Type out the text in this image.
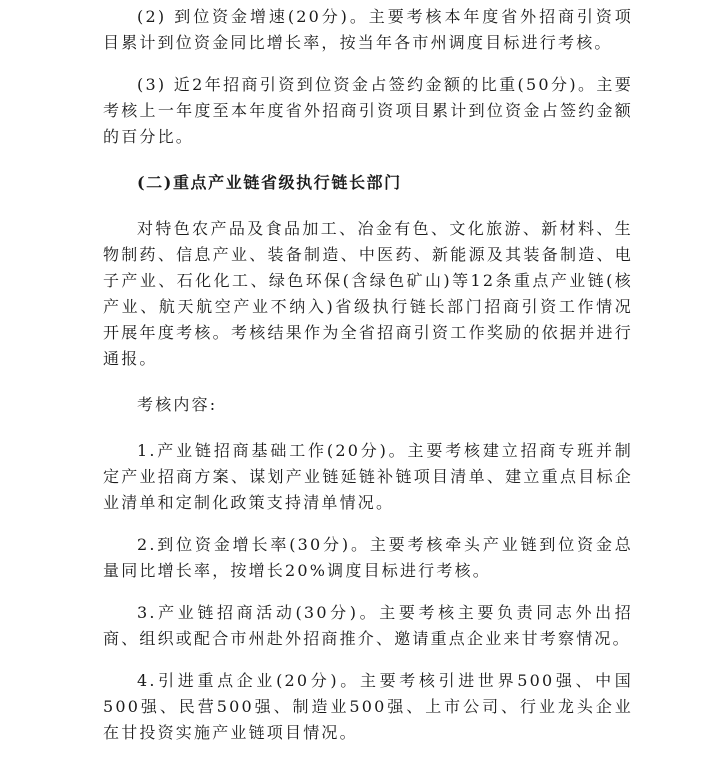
(2) 到位资金增速(20分)。主要考核本年度省外招商引资项目累计到位资金同比增长率，按当年各市州调度目标进行考核。

(3) 近2年招商引资到位资金占签约金额的比重(50分)。主要考核上一年度至本年度省外招商引资项目累计到位资金占签约金额的百分比。

(二)重点产业链省级执行链长部门

对特色农产品及食品加工、冶金有色、文化旅游、新材料、生物制药、信息产业、装备制造、中医药、新能源及其装备制造、电子产业、石化化工、绿色环保(含绿色矿山)等12条重点产业链(核产业、航天航空产业不纳入)省级执行链长部门招商引资工作情况开展年度考核。考核结果作为全省招商引资工作奖励的依据并进行通报。

考核内容:

1.产业链招商基础工作(20分)。主要考核建立招商专班并制定产业招商方案、谋划产业链延链补链项目清单、建立重点目标企业清单和定制化政策支持清单情况。

2.到位资金增长率(30分)。主要考核牵头产业链到位资金总量同比增长率，按增长20%调度目标进行考核。

3.产业链招商活动(30分)。主要考核主要负责同志外出招商、组织或配合市州赴外招商推介、邀请重点企业来甘考察情况。

4.引进重点企业(20分)。主要考核引进世界500强、中国500强、民营500强、制造业500强、上市公司、行业龙头企业在甘投资实施产业链项目情况。
